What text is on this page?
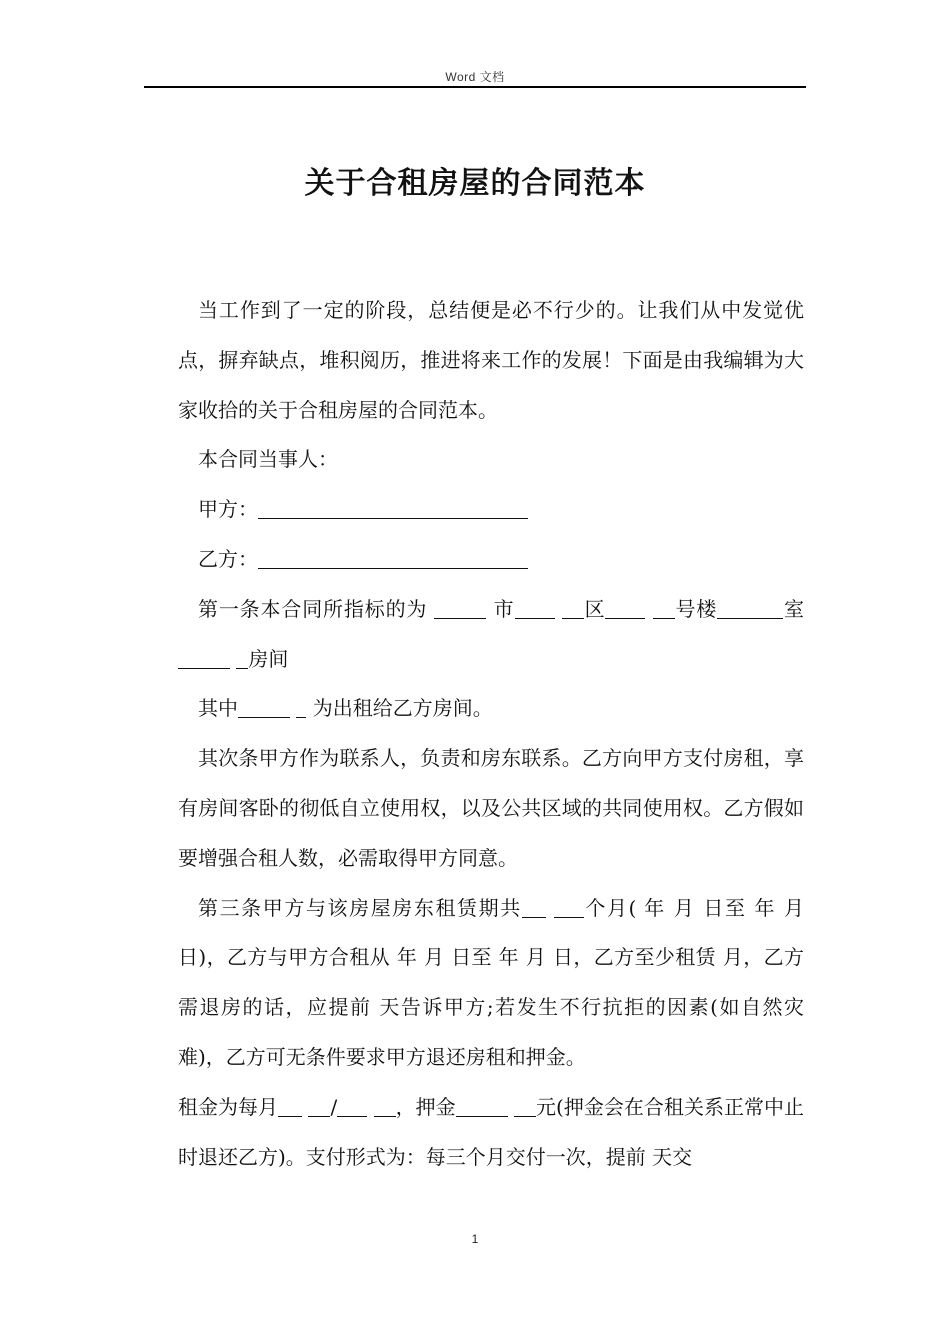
Word 文档
关于合租房屋的合同范本

当工作到了一定的阶段，总结便是必不行少的。让我们从中发觉优点，摒弃缺点，堆积阅历，推进将来工作的发展！下面是由我编辑为大家收拾的关于合租房屋的合同范本。

本合同当事人：

甲方：

乙方：

第一条本合同所指标的为	市	区	号楼	室 房间

其中	为出租给乙方房间。

其次条甲方作为联系人，负责和房东联系。乙方向甲方支付房租，享有房间客卧的彻低自立使用权，以及公共区域的共同使用权。乙方假如要增强合租人数，必需取得甲方同意。

第三条甲方与该房屋房东租赁期共	个月( 年 月 日至 年 月 日)，乙方与甲方合租从 年 月 日至 年 月 日，乙方至少租赁 月，乙方需退房的话，应提前 天告诉甲方;若发生不行抗拒的因素(如自然灾难)，乙方可无条件要求甲方退还房租和押金。

租金为每月	/	，押金	元(押金会在合租关系正常中止时退还乙方)。支付形式为：每三个月交付一次，提前 天交

1
